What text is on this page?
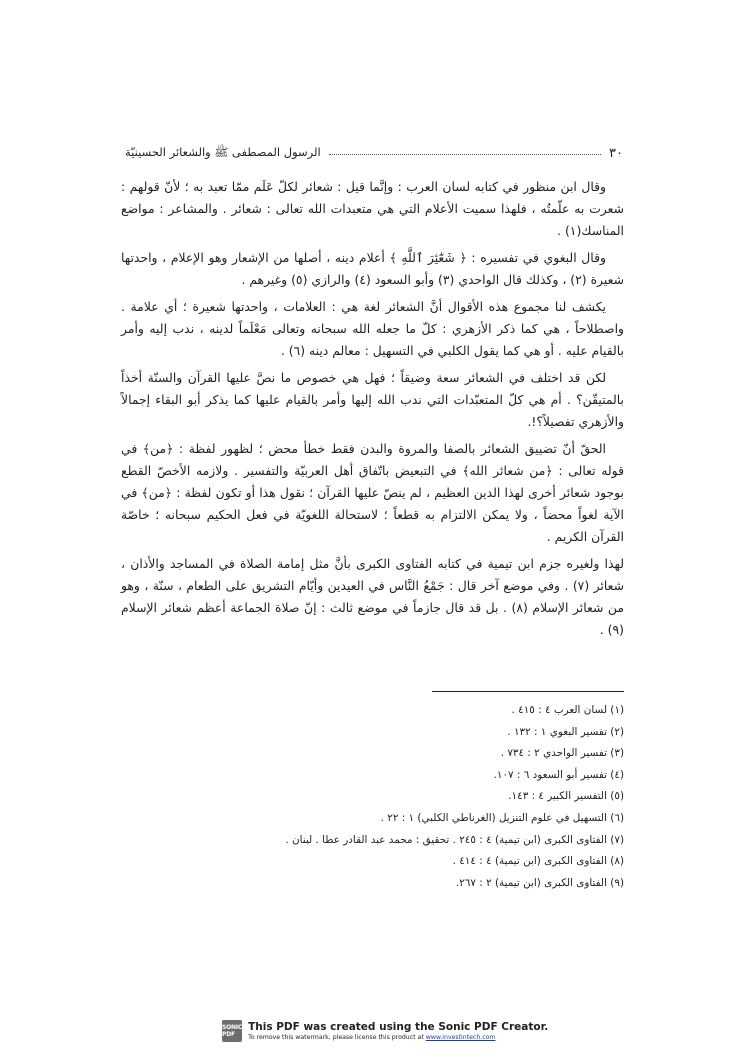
٣٠
الرسول المصطفى ﷺ والشعائر الحسينيّة

وقال ابن منظور في كتابه لسان العرب : وإنَّما قيل : شعائر لكلّ عَلَم ممّا تعبد به ؛ لأنّ قولهم : شعرت به علّمتُه ، فلهذا سميت الأعلام التي هي متعبدات الله تعالى : شعائر . والمشاعر : مواضع المناسك(١) .

وقال البغوي في تفسيره : ﴿ شَعَٰٓئِرَ ٱللَّهِ ﴾ أعلام دينه ، أصلها من الإشعار وهو الإعلام ، واحدتها شعيرة (٢) ، وكذلك قال الواحدي (٣) وأبو السعود (٤) والرازي (٥) وغيرهم .

يكشف لنا مجموع هذه الأقوال أنَّ الشعائر لغة هي : العلامات ، واحدتها شعيرة ؛ أي علامة . واصطلاحاً ، هي كما ذكر الأزهري : كلّ ما جعله الله سبحانه وتعالى مَعْلَماً لدينه ، ندب إليه وأمر بالقيام عليه . أو هي كما يقول الكلبي في التسهيل : معالم دينه (٦) .

لكن قد اختلف في الشعائر سعة وضيقاً ؛ فهل هي خصوص ما نصَّ عليها القرآن والسنّة أخذاً بالمتيقّن؟ . أم هي كلّ المتعبّدات التي ندب الله إليها وأمر بالقيام عليها كما يذكر أبو البقاء إجمالاً والأزهري تفصيلاً؟!.

الحقّ أنّ تضييق الشعائر بالصفا والمروة والبدن فقط خطأ محض ؛ لظهور لفظة : ﴿من﴾ في قوله تعالى : ﴿من شعائر الله﴾ في التبعيض باتّفاق أهل العربيّة والتفسير . ولازمه الأخصّ القطع بوجود شعائر أخرى لهذا الدين العظيم ، لم ينصّ عليها القرآن ؛ نقول هذا أو تكون لفظة : ﴿من﴾ في الآية لغواً محضاً ، ولا يمكن الالتزام به قطعاً ؛ لاستحالة اللغويّة في فعل الحكيم سبحانه ؛ خاصّة القرآن الكريم .

لهذا ولغيره جزم ابن تيمية في كتابه الفتاوى الكبرى بأنَّ مثل إمامة الصلاة في المساجد والأذان ، شعائر (٧) . وفي موضع آخر قال : جَمْعُ النَّاس في العيدين وأيّام التشريق على الطعام ، سنّة ، وهو من شعائر الإسلام (٨) . بل قد قال جازماً في موضع ثالث : إنّ صلاة الجماعة أعظم شعائر الإسلام (٩) .

(١) لسان العرب ٤ : ٤١٥ .
(٢) تفسير البغوي ١ : ١٣٢ .
(٣) تفسير الواحدي ٢ : ٧٣٤ .
(٤) تفسير أبو السعود ٦ : ١٠٧.
(٥) التفسير الكبير ٤ : ١٤٣.
(٦) التسهيل في علوم التنزيل (الغرناطي الكلبي) ١ : ٢٢ .
(٧) الفتاوى الكبرى (ابن تيمية) ٤ : ٢٤٥ . تحقيق : محمد عبد القادر عطا . لبنان .
(٨) الفتاوى الكبرى (ابن تيمية) ٤ : ٤١٤ .
(٩) الفتاوى الكبرى (ابن تيمية) ٢ : ٢٦٧.
SONIC PDF
This PDF was created using the Sonic PDF Creator.
To remove this watermark, please license this product at www.investintech.com
